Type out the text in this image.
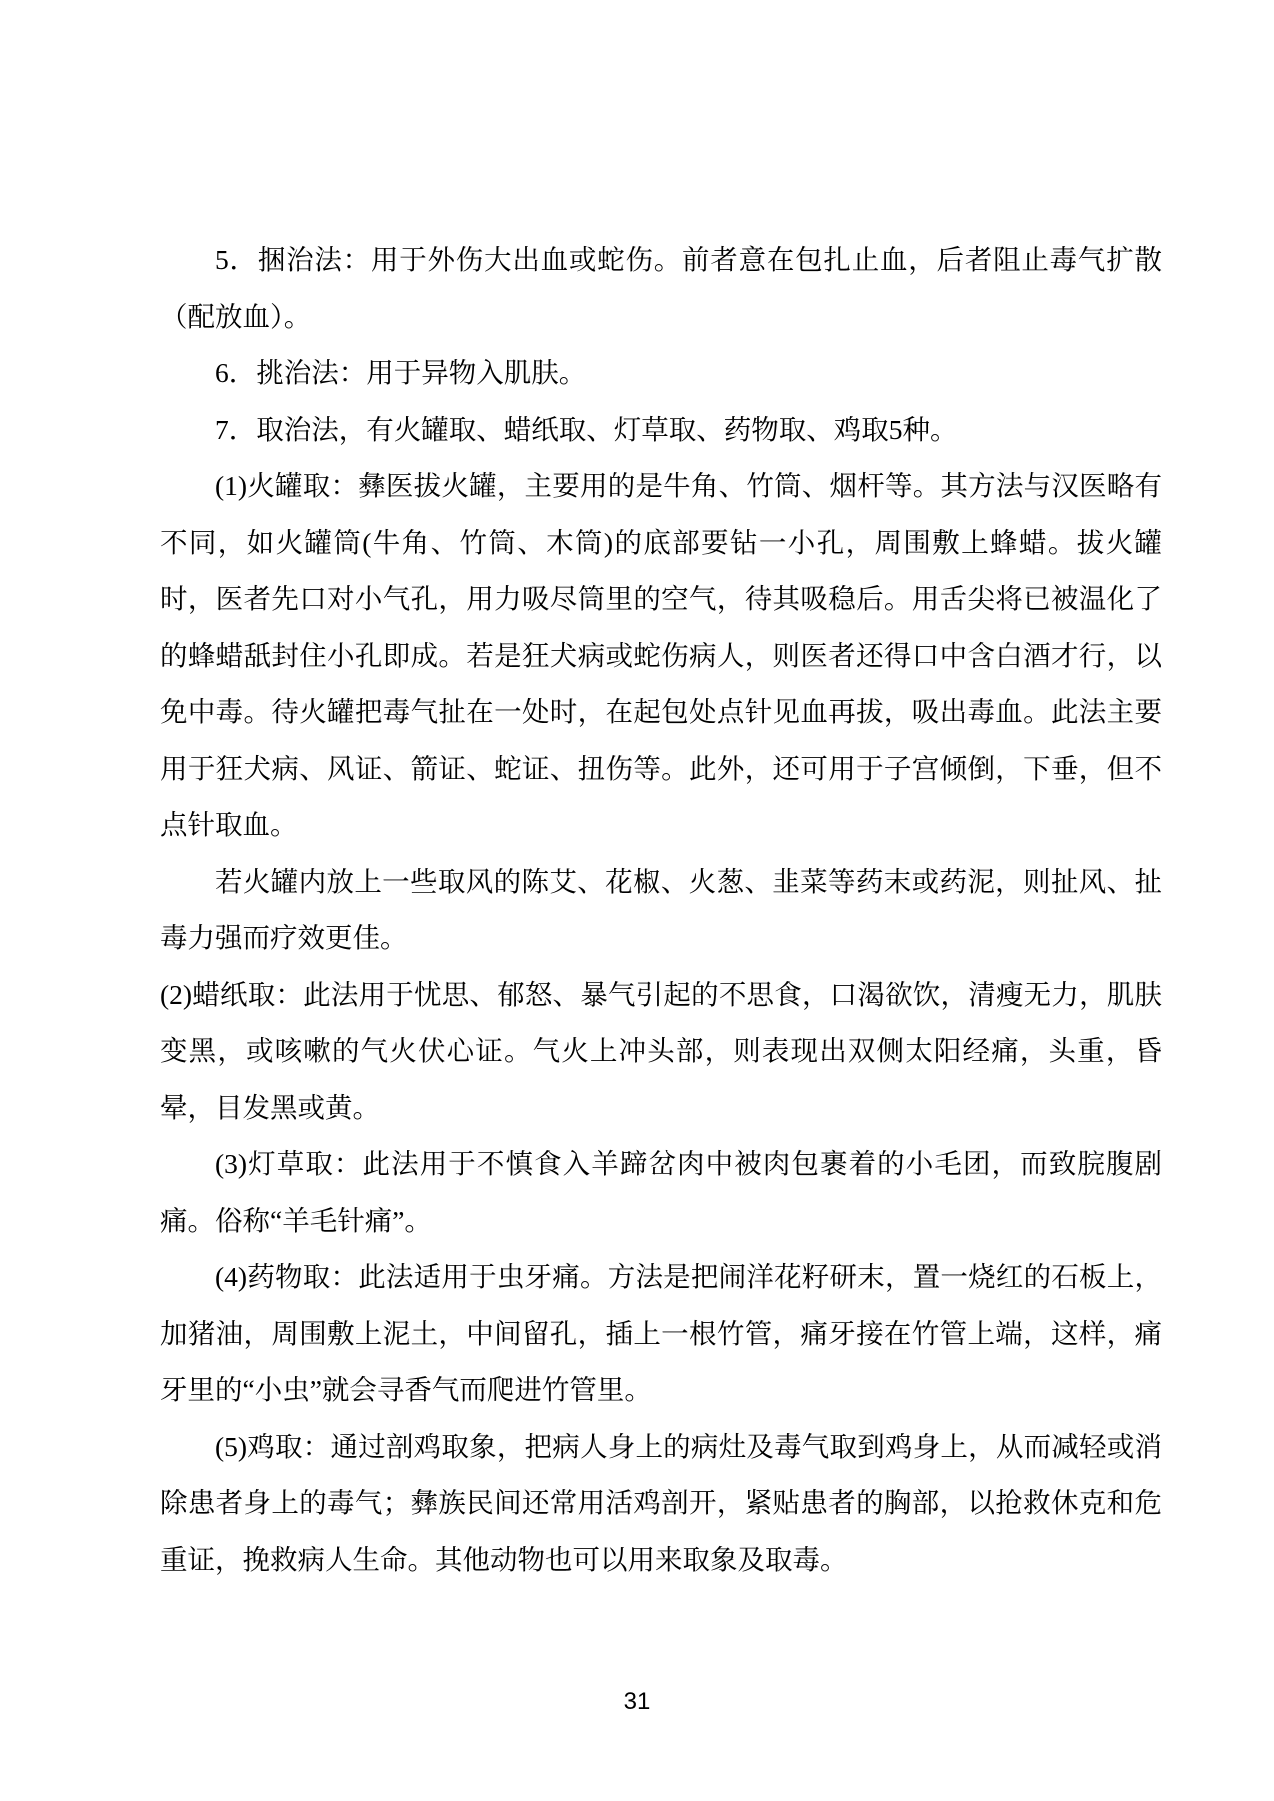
5．捆治法：用于外伤大出血或蛇伤。前者意在包扎止血，后者阻止毒气扩散（配放血）。

6．挑治法：用于异物入肌肤。

7．取治法，有火罐取、蜡纸取、灯草取、药物取、鸡取5种。

(1)火罐取：彝医拔火罐，主要用的是牛角、竹筒、烟杆等。其方法与汉医略有不同，如火罐筒(牛角、竹筒、木筒)的底部要钻一小孔，周围敷上蜂蜡。拔火罐时，医者先口对小气孔，用力吸尽筒里的空气，待其吸稳后。用舌尖将已被温化了的蜂蜡舐封住小孔即成。若是狂犬病或蛇伤病人，则医者还得口中含白酒才行，以免中毒。待火罐把毒气扯在一处时，在起包处点针见血再拔，吸出毒血。此法主要用于狂犬病、风证、箭证、蛇证、扭伤等。此外，还可用于子宫倾倒，下垂，但不点针取血。

若火罐内放上一些取风的陈艾、花椒、火葱、韭菜等药末或药泥，则扯风、扯毒力强而疗效更佳。

(2)蜡纸取：此法用于忧思、郁怒、暴气引起的不思食，口渴欲饮，清瘦无力，肌肤变黑，或咳嗽的气火伏心证。气火上冲头部，则表现出双侧太阳经痛，头重，昏晕，目发黑或黄。

(3)灯草取：此法用于不慎食入羊蹄岔肉中被肉包裹着的小毛团，而致脘腹剧痛。俗称“羊毛针痛”。

(4)药物取：此法适用于虫牙痛。方法是把闹洋花籽研末，置一烧红的石板上，加猪油，周围敷上泥土，中间留孔，插上一根竹管，痛牙接在竹管上端，这样，痛牙里的“小虫”就会寻香气而爬进竹管里。

(5)鸡取：通过剖鸡取象，把病人身上的病灶及毒气取到鸡身上，从而减轻或消除患者身上的毒气；彝族民间还常用活鸡剖开，紧贴患者的胸部，以抢救休克和危重证，挽救病人生命。其他动物也可以用来取象及取毒。

31
